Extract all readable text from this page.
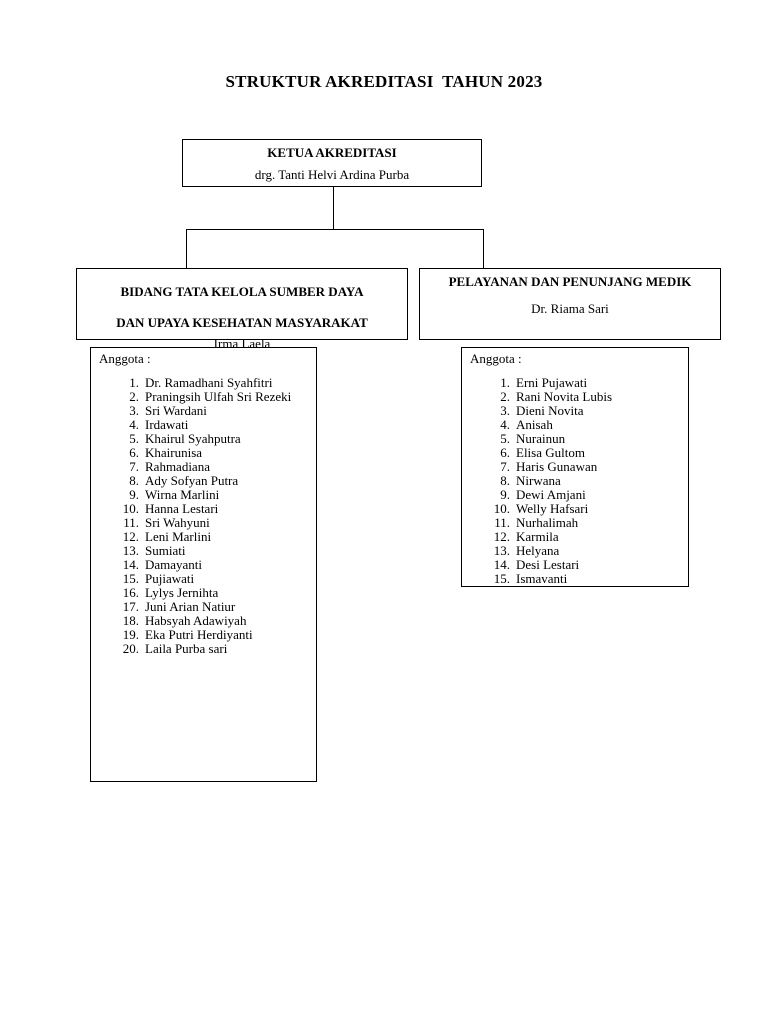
STRUKTUR AKREDITASI  TAHUN 2023
KETUA AKREDITASI
drg. Tanti Helvi Ardina Purba
BIDANG TATA KELOLA SUMBER DAYA
DAN UPAYA KESEHATAN MASYARAKAT
Irma Laela
PELAYANAN DAN PENUNJANG MEDIK
Dr. Riama Sari
Anggota :
1. Dr. Ramadhani Syahfitri
2. Praningsih Ulfah Sri Rezeki
3. Sri Wardani
4. Irdawati
5. Khairul Syahputra
6. Khairunisa
7. Rahmadiana
8. Ady Sofyan Putra
9. Wirna Marlini
10. Hanna Lestari
11. Sri Wahyuni
12. Leni Marlini
13. Sumiati
14. Damayanti
15. Pujiawati
16. Lylys Jernihta
17. Juni Arian Natiur
18. Habsyah Adawiyah
19. Eka Putri Herdiyanti
20. Laila Purba sari
Anggota :
1. Erni Pujawati
2. Rani Novita Lubis
3. Dieni Novita
4. Anisah
5. Nurainun
6. Elisa Gultom
7. Haris Gunawan
8. Nirwana
9. Dewi Amjani
10. Welly Hafsari
11. Nurhalimah
12. Karmila
13. Helyana
14. Desi Lestari
15. Ismavanti
